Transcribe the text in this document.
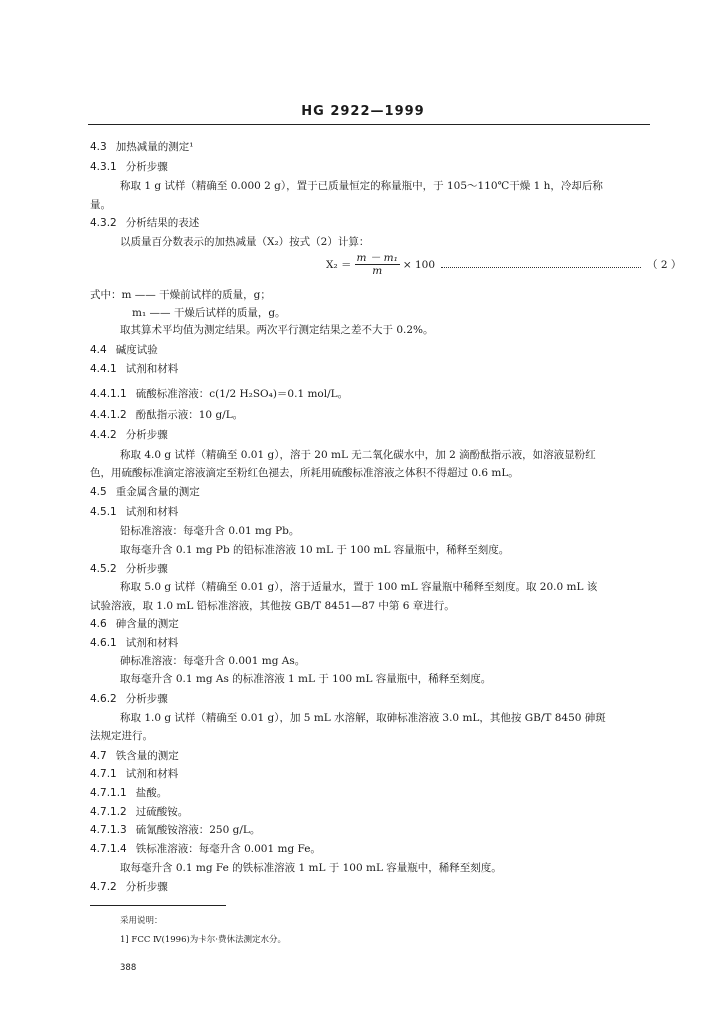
HG 2922—1999
4.3 加热减量的测定¹
4.3.1 分析步骤
称取 1 g 试样（精确至 0.000 2 g），置于已质量恒定的称量瓶中，于 105～110℃干燥 1 h，冷却后称
量。
4.3.2 分析结果的表述
以质量百分数表示的加热减量（X₂）按式（2）计算：
$X_2 = \frac{\text{m － m₁}}{m} \times 100$	（ 2 ）
式中：m —— 干燥前试样的质量，g；
m₁ —— 干燥后试样的质量，g。
取其算术平均值为测定结果。两次平行测定结果之差不大于 0.2%。
4.4 碱度试验
4.4.1 试剂和材料
4.4.1.1 硫酸标准溶液：c(1/2 H₂SO₄)＝0.1 mol/L。
4.4.1.2 酚酞指示液：10 g/L。
4.4.2 分析步骤
称取 4.0 g 试样（精确至 0.01 g），溶于 20 mL 无二氧化碳水中，加 2 滴酚酞指示液，如溶液显粉红
色，用硫酸标准滴定溶液滴定至粉红色褪去，所耗用硫酸标准溶液之体积不得超过 0.6 mL。
4.5 重金属含量的测定
4.5.1 试剂和材料
铅标准溶液：每毫升含 0.01 mg Pb。
取每毫升含 0.1 mg Pb 的铅标准溶液 10 mL 于 100 mL 容量瓶中，稀释至刻度。
4.5.2 分析步骤
称取 5.0 g 试样（精确至 0.01 g），溶于适量水，置于 100 mL 容量瓶中稀释至刻度。取 20.0 mL 该
试验溶液，取 1.0 mL 铅标准溶液，其他按 GB/T 8451—87 中第 6 章进行。
4.6 砷含量的测定
4.6.1 试剂和材料
砷标准溶液：每毫升含 0.001 mg As。
取每毫升含 0.1 mg As 的标准溶液 1 mL 于 100 mL 容量瓶中，稀释至刻度。
4.6.2 分析步骤
称取 1.0 g 试样（精确至 0.01 g），加 5 mL 水溶解，取砷标准溶液 3.0 mL，其他按 GB/T 8450 砷斑
法规定进行。
4.7 铁含量的测定
4.7.1 试剂和材料
4.7.1.1 盐酸。
4.7.1.2 过硫酸铵。
4.7.1.3 硫氰酸铵溶液：250 g/L。
4.7.1.4 铁标准溶液：每毫升含 0.001 mg Fe。
取每毫升含 0.1 mg Fe 的铁标准溶液 1 mL 于 100 mL 容量瓶中，稀释至刻度。
4.7.2 分析步骤
采用说明：
1] FCC Ⅳ(1996)为卡尔·费休法测定水分。
388
